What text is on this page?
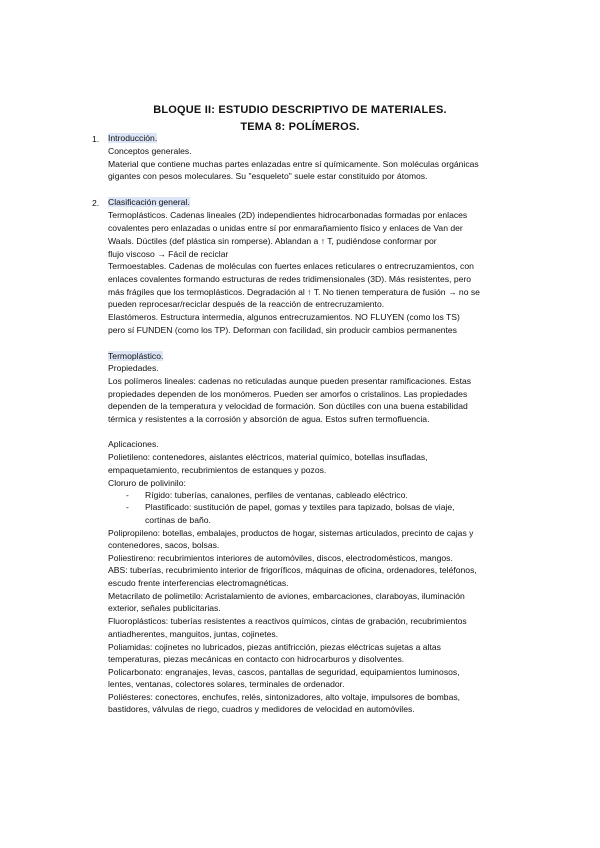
BLOQUE II: ESTUDIO DESCRIPTIVO DE MATERIALES.
TEMA 8: POLÍMEROS.
1. Introducción.
Conceptos generales.
Material que contiene muchas partes enlazadas entre sí químicamente. Son moléculas orgánicas
gigantes con pesos moleculares. Su "esqueleto" suele estar constituido por átomos.
2. Clasificación general.
Termoplásticos. Cadenas lineales (2D) independientes hidrocarbonadas formadas por enlaces
covalentes pero enlazadas o unidas entre sí por enmarañamiento físico y enlaces de Van der
Waals. Dúctiles (def plástica sin romperse). Ablandan a ↑ T, pudiéndose conformar por
flujo viscoso → Fácil de reciclar
Termoestables. Cadenas de moléculas con fuertes enlaces reticulares o entrecruzamientos, con
enlaces covalentes formando estructuras de redes tridimensionales (3D). Más resistentes, pero
más frágiles que los termoplásticos. Degradación al ↑ T. No tienen temperatura de fusión → no se
pueden reprocesar/reciclar después de la reacción de entrecruzamiento.
Elastómeros. Estructura intermedia, algunos entrecruzamientos. NO FLUYEN (como los TS)
pero sí FUNDEN (como los TP). Deforman con facilidad, sin producir cambios permanentes
Termoplástico.
Propiedades.
Los polímeros lineales: cadenas no reticuladas aunque pueden presentar ramificaciones. Estas
propiedades dependen de los monómeros. Pueden ser amorfos o cristalinos. Las propiedades
dependen de la temperatura y velocidad de formación. Son dúctiles con una buena estabilidad
térmica y resistentes a la corrosión y absorción de agua. Estos sufren termofluencia.
Aplicaciones.
Polietileno: contenedores, aislantes eléctricos, material químico, botellas insufladas,
empaquetamiento, recubrimientos de estanques y pozos.
Cloruro de polivinilo:
- Rígido: tuberías, canalones, perfiles de ventanas, cableado eléctrico.
- Plastificado: sustitución de papel, gomas y textiles para tapizado, bolsas de viaje,
cortinas de baño.
Polipropileno: botellas, embalajes, productos de hogar, sistemas articulados, precinto de cajas y
contenedores, sacos, bolsas.
Poliestireno: recubrimientos interiores de automóviles, discos, electrodomésticos, mangos.
ABS: tuberías, recubrimiento interior de frigoríficos, máquinas de oficina, ordenadores, teléfonos,
escudo frente interferencias electromagnéticas.
Metacrilato de polimetilo: Acristalamiento de aviones, embarcaciones, claraboyas, iluminación
exterior, señales publicitarias.
Fluoroplásticos: tuberías resistentes a reactivos químicos, cintas de grabación, recubrimientos
antiadherentes, manguitos, juntas, cojinetes.
Poliamidas: cojinetes no lubricados, piezas antifricción, piezas eléctricas sujetas a altas
temperaturas, piezas mecánicas en contacto con hidrocarburos y disolventes.
Policarbonato: engranajes, levas, cascos, pantallas de seguridad, equipamientos luminosos,
lentes, ventanas, colectores solares, terminales de ordenador.
Poliésteres: conectores, enchufes, relés, sintonizadores, alto voltaje, impulsores de bombas,
bastidores, válvulas de riego, cuadros y medidores de velocidad en automóviles.
